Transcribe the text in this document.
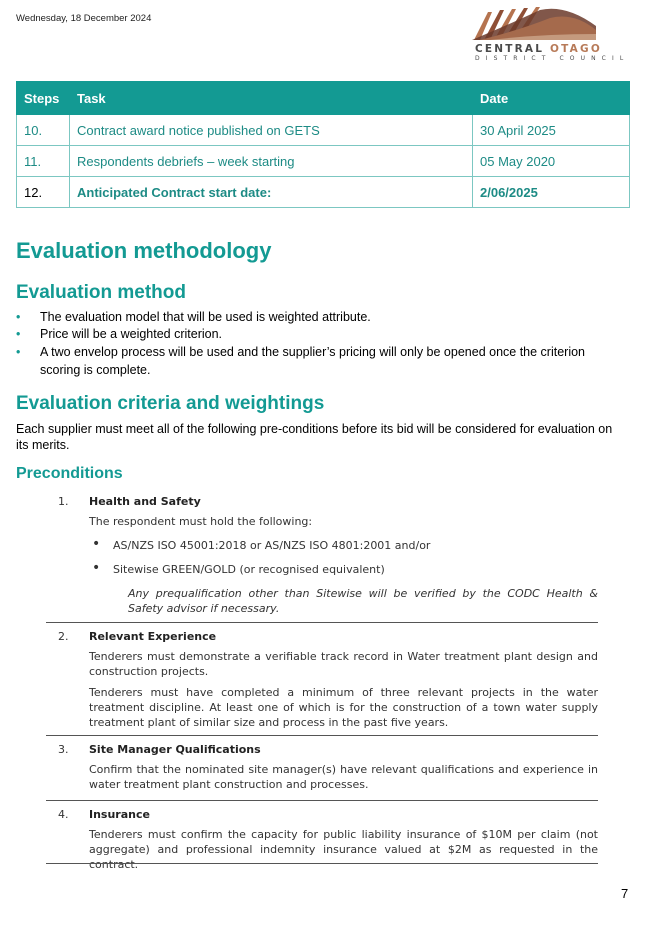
Wednesday, 18 December 2024
CENTRAL OTAGO
DISTRICT COUNCIL
Steps	Task	Date
10.	Contract award notice published on GETS	30 April 2025
11.	Respondents debriefs – week starting	05 May 2020
12.	Anticipated Contract start date:	2/06/2025
Evaluation methodology
Evaluation method
• The evaluation model that will be used is weighted attribute.
• Price will be a weighted criterion.
• A two envelop process will be used and the supplier’s pricing will only be opened once the criterion scoring is complete.
Evaluation criteria and weightings
Each supplier must meet all of the following pre-conditions before its bid will be considered for evaluation on its merits.
Preconditions
1. Health and Safety

The respondent must hold the following:

• AS/NZS ISO 45001:2018 or AS/NZS ISO 4801:2001 and/or
• Sitewise GREEN/GOLD (or recognised equivalent)

Any prequalification other than Sitewise will be verified by the CODC Health & Safety advisor if necessary.

2. Relevant Experience

Tenderers must demonstrate a verifiable track record in Water treatment plant design and construction projects.

Tenderers must have completed a minimum of three relevant projects in the water treatment discipline. At least one of which is for the construction of a town water supply treatment plant of similar size and process in the past five years.

3. Site Manager Qualifications

Confirm that the nominated site manager(s) have relevant qualifications and experience in water treatment plant construction and processes.

4. Insurance

Tenderers must confirm the capacity for public liability insurance of $10M per claim (not aggregate) and professional indemnity insurance valued at $2M as requested in the contract.

7
